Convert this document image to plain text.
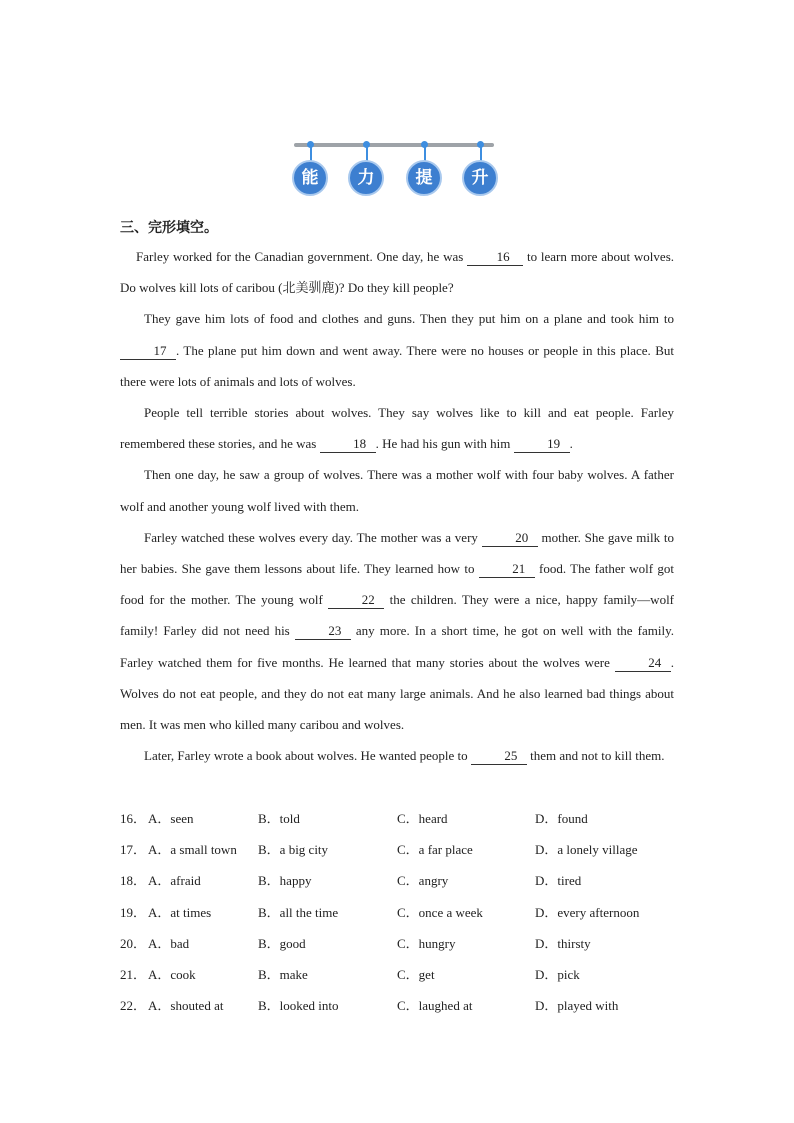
能	力	提	升
三、完形填空。

Farley worked for the Canadian government. One day, he was 16 to learn more about wolves. Do wolves kill lots of caribou (北美驯鹿)? Do they kill people?

They gave him lots of food and clothes and guns. Then they put him on a plane and took him to 17 . The plane put him down and went away. There were no houses or people in this place. But there were lots of animals and lots of wolves.

People tell terrible stories about wolves. They say wolves like to kill and eat people. Farley remembered these stories, and he was	18 . He had his gun with him	19 .

Then one day, he saw a group of wolves. There was a mother wolf with four baby wolves. A father wolf and another young wolf lived with them.

Farley watched these wolves every day. The mother was a very	20 mother. She gave milk to her babies. She gave them lessons about life. They learned how to	21 food. The father wolf got food for the mother. The young wolf	22 the children. They were a nice, happy family—wolf family! Farley did not need his	23 any more. In a short time, he got on well with the family. Farley watched them for five months. He learned that many stories about the wolves were	24 . Wolves do not eat people, and they do not eat many large animals. And he also learned bad things about men. It was men who killed many caribou and wolves.

Later, Farley wrote a book about wolves. He wanted people to	25 them and not to kill them.

16． A．seen	B．told	C．heard	D．found
17． A．a small town B．a big city	C．a far place	D．a lonely village
18． A．afraid	B．happy	C．angry	D．tired
19． A．at times	B．all the time	C．once a week	D．every afternoon
20． A．bad	B．good	C．hungry	D．thirsty
21． A．cook	B．make	C．get	D．pick
22． A．shouted at	B．looked into	C．laughed at	D．played with
